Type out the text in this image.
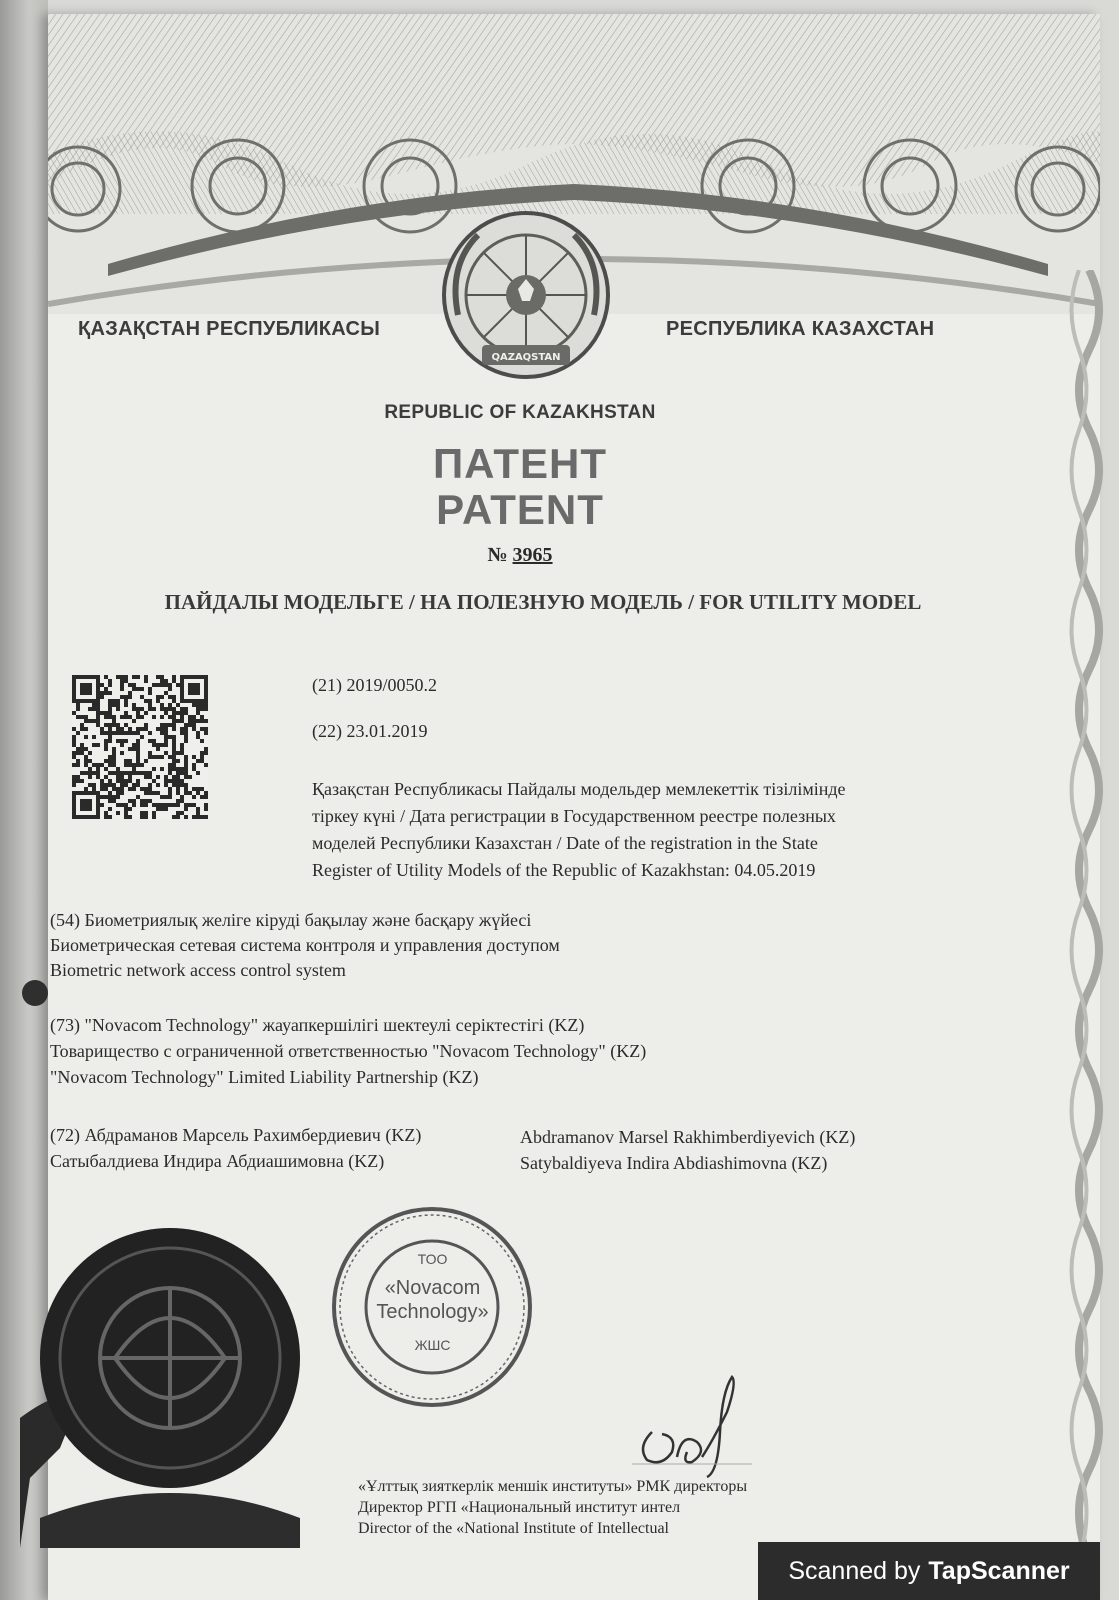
QAZAQSTAN
ҚАЗАҚСТАН РЕСПУБЛИКАСЫ	РЕСПУБЛИКА КАЗАХСТАН
REPUBLIC OF KAZAKHSTAN
ПАТЕНТ
PATENT
№ 3965
ПАЙДАЛЫ МОДЕЛЬГЕ / НА ПОЛЕЗНУЮ МОДЕЛЬ / FOR UTILITY MODEL
(21) 2019/0050.2
(22) 23.01.2019
Қазақстан Республикасы Пайдалы модельдер мемлекеттік тізілімінде
тіркеу күні / Дата регистрации в Государственном реестре полезных
моделей Республики Казахстан / Date of the registration in the State
Register of Utility Models of the Republic of Kazakhstan: 04.05.2019
(54) Биометриялық желіге кіруді бақылау және басқару жүйесі
Биометрическая сетевая система контроля и управления доступом
Biometric network access control system
(73) "Novacom Technology" жауапкершілігі шектеулі серіктестігі (KZ)
Товарищество с ограниченной ответственностью "Novacom Technology" (KZ)
"Novacom Technology" Limited Liability Partnership (KZ)
(72) Абдраманов Марсель Рахимбердиевич (KZ)
Сатыбалдиева Индира Абдиашимовна (KZ)
Abdramanov Marsel Rakhimberdiyevich (KZ)
Satybaldiyeva Indira Abdiashimovna (KZ)
ТОО
«Novacom
Technology»
ЖШС
«Ұлттық зияткерлік меншік институты» РМК директоры
Директор РГП «Национальный институт интел
Director of the «National Institute of Intellectual
Scanned by TapScanner
